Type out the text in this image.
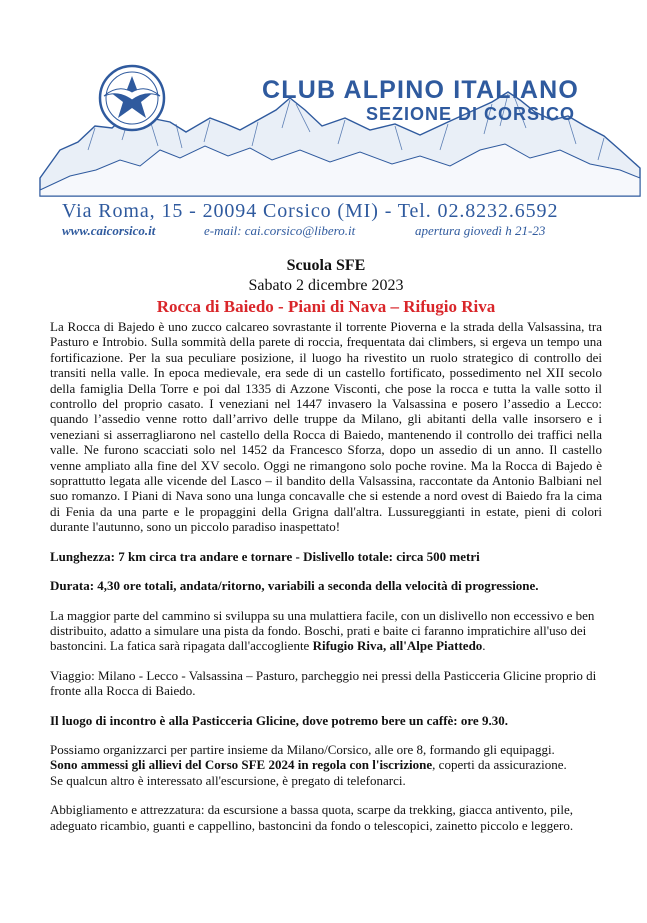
CLUB ALPINO ITALIANO

SEZIONE DI CORSICO

Via Roma, 15 - 20094 Corsico (MI) - Tel. 02.8232.6592

www.caicorsico.it	e-mail: cai.corsico@libero.it	apertura giovedì h 21-23

Scuola SFE

Sabato 2 dicembre 2023

Rocca di Baiedo - Piani di Nava – Rifugio Riva

La Rocca di Bajedo è uno zucco calcareo sovrastante il torrente Pioverna e la strada della Valsassina, tra Pasturo e Introbio. Sulla sommità della parete di roccia, frequentata dai climbers, si ergeva un tempo una fortificazione. Per la sua peculiare posizione, il luogo ha rivestito un ruolo strategico di controllo dei transiti nella valle. In epoca medievale, era sede di un castello fortificato, possedimento nel XII secolo della famiglia Della Torre e poi dal 1335 di Azzone Visconti, che pose la rocca e tutta la valle sotto il controllo del proprio casato. I veneziani nel 1447 invasero la Valsassina e posero l’assedio a Lecco: quando l’assedio venne rotto dall’arrivo delle truppe da Milano, gli abitanti della valle insorsero e i veneziani si asserragliarono nel castello della Rocca di Baiedo, mantenendo il controllo dei traffici nella valle. Ne furono scacciati solo nel 1452 da Francesco Sforza, dopo un assedio di un anno. Il castello venne ampliato alla fine del XV secolo. Oggi ne rimangono solo poche rovine. Ma la Rocca di Bajedo è soprattutto legata alle vicende del Lasco – il bandito della Valsassina, raccontate da Antonio Balbiani nel suo romanzo. I Piani di Nava sono una lunga concavalle che si estende a nord ovest di Baiedo fra la cima di Fenia da una parte e le propaggini della Grigna dall'altra. Lussureggianti in estate, pieni di colori durante l'autunno, sono un piccolo paradiso inaspettato!

Lunghezza: 7 km circa tra andare e tornare - Dislivello totale: circa 500 metri

Durata: 4,30 ore totali, andata/ritorno, variabili a seconda della velocità di progressione.

La maggior parte del cammino si sviluppa su una mulattiera facile, con un dislivello non eccessivo e ben distribuito, adatto a simulare una pista da fondo. Boschi, prati e baite ci faranno impratichire all'uso dei bastoncini. La fatica sarà ripagata dall'accogliente Rifugio Riva, all'Alpe Piattedo.

Viaggio: Milano - Lecco - Valsassina – Pasturo, parcheggio nei pressi della Pasticceria Glicine proprio di fronte alla Rocca di Baiedo.

Il luogo di incontro è alla Pasticceria Glicine, dove potremo bere un caffè: ore 9.30.

Possiamo organizzarci per partire insieme da Milano/Corsico, alle ore 8, formando gli equipaggi.

Sono ammessi gli allievi del Corso SFE 2024 in regola con l'iscrizione, coperti da assicurazione.

Se qualcun altro è interessato all'escursione, è pregato di telefonarci.

Abbigliamento e attrezzatura: da escursione a bassa quota, scarpe da trekking, giacca antivento, pile, adeguato ricambio, guanti e cappellino, bastoncini da fondo o telescopici, zainetto piccolo e leggero.
